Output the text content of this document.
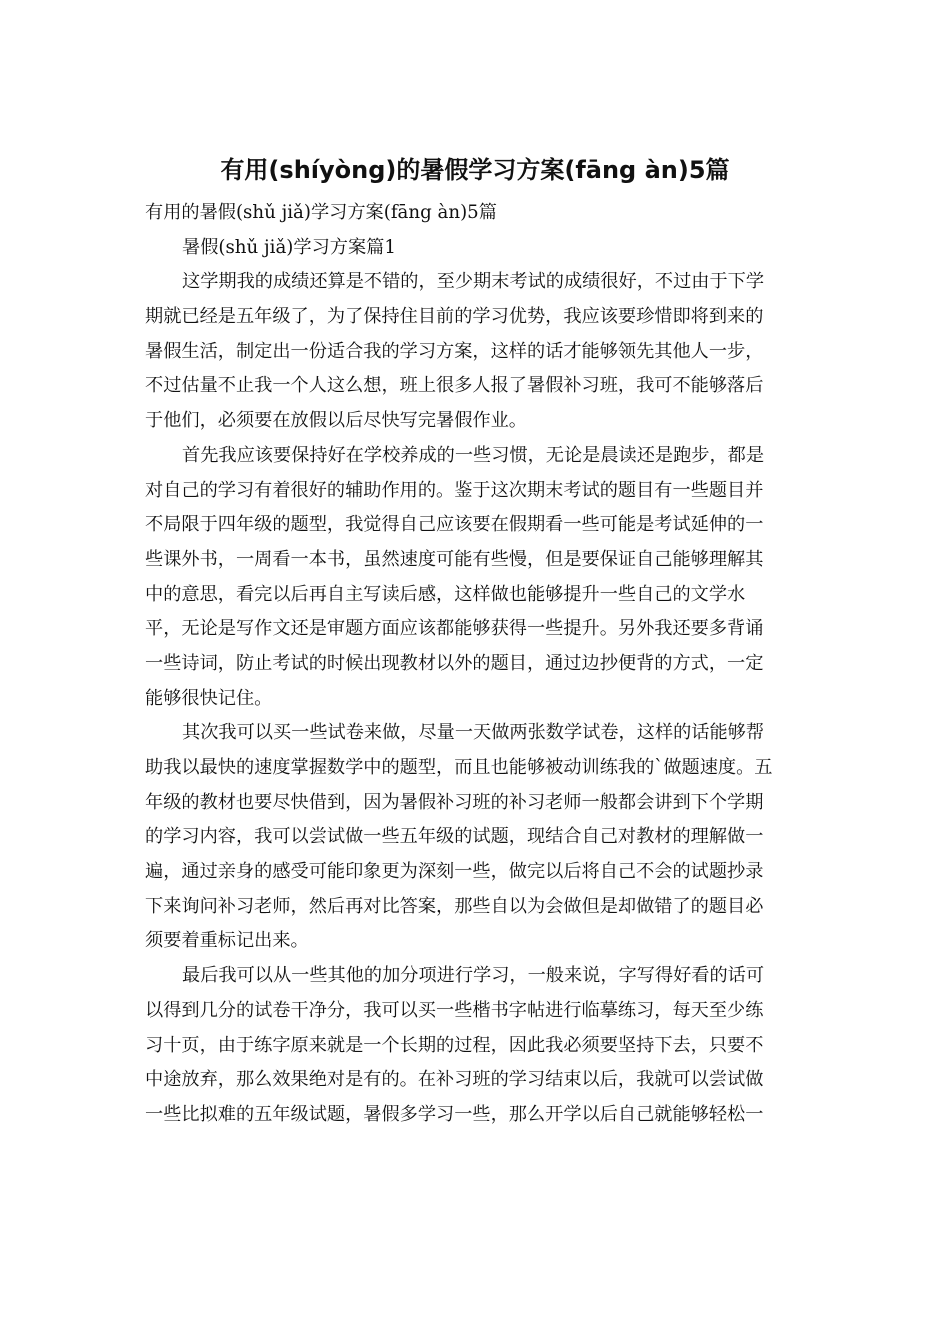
有用(shíyòng)的暑假学习方案(fāng àn)5篇
有用的暑假(shǔ jiǎ)学习方案(fāng àn)5篇
暑假(shǔ jiǎ)学习方案篇1
这学期我的成绩还算是不错的，至少期末考试的成绩很好，不过由于下学
期就已经是五年级了，为了保持住目前的学习优势，我应该要珍惜即将到来的
暑假生活，制定出一份适合我的学习方案，这样的话才能够领先其他人一步，
不过估量不止我一个人这么想，班上很多人报了暑假补习班，我可不能够落后
于他们，必须要在放假以后尽快写完暑假作业。
首先我应该要保持好在学校养成的一些习惯，无论是晨读还是跑步，都是
对自己的学习有着很好的辅助作用的。鉴于这次期末考试的题目有一些题目并
不局限于四年级的题型，我觉得自己应该要在假期看一些可能是考试延伸的一
些课外书，一周看一本书，虽然速度可能有些慢，但是要保证自己能够理解其
中的意思，看完以后再自主写读后感，这样做也能够提升一些自己的文学水
平，无论是写作文还是审题方面应该都能够获得一些提升。另外我还要多背诵
一些诗词，防止考试的时候出现教材以外的题目，通过边抄便背的方式，一定
能够很快记住。
其次我可以买一些试卷来做，尽量一天做两张数学试卷，这样的话能够帮
助我以最快的速度掌握数学中的题型，而且也能够被动训练我的`做题速度。五
年级的教材也要尽快借到，因为暑假补习班的补习老师一般都会讲到下个学期
的学习内容，我可以尝试做一些五年级的试题，现结合自己对教材的理解做一
遍，通过亲身的感受可能印象更为深刻一些，做完以后将自己不会的试题抄录
下来询问补习老师，然后再对比答案，那些自以为会做但是却做错了的题目必
须要着重标记出来。
最后我可以从一些其他的加分项进行学习，一般来说，字写得好看的话可
以得到几分的试卷干净分，我可以买一些楷书字帖进行临摹练习，每天至少练
习十页，由于练字原来就是一个长期的过程，因此我必须要坚持下去，只要不
中途放弃，那么效果绝对是有的。在补习班的学习结束以后，我就可以尝试做
一些比拟难的五年级试题，暑假多学习一些，那么开学以后自己就能够轻松一
